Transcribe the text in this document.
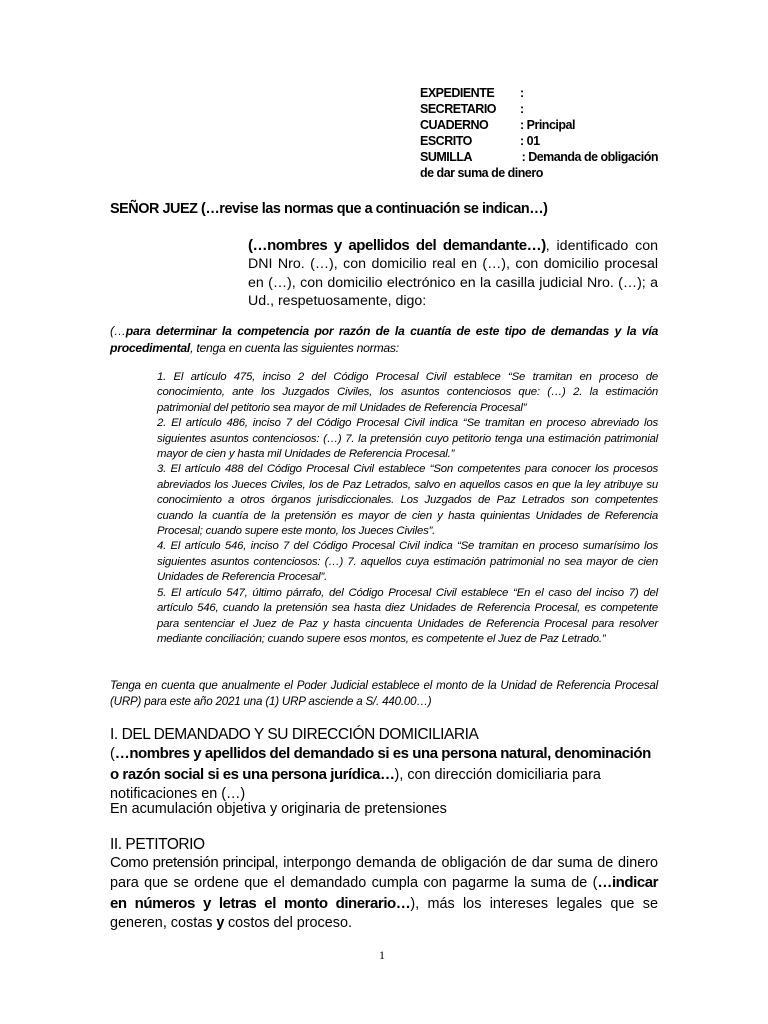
EXPEDIENTE :
SECRETARIO :
CUADERNO	: Principal
ESCRITO	: 01
SUMILLA	: Demanda de obligación
de dar suma de dinero
SEÑOR JUEZ (…revise las normas que a continuación se indican…)
(…nombres y apellidos del demandante…), identificado con DNI Nro. (…), con domicilio real en (…), con domicilio procesal en (…), con domicilio electrónico en la casilla judicial Nro. (…); a Ud., respetuosamente, digo:
(…para determinar la competencia por razón de la cuantía de este tipo de demandas y la vía procedimental, tenga en cuenta las siguientes normas:

1. El artículo 475, inciso 2 del Código Procesal Civil establece “Se tramitan en proceso de conocimiento, ante los Juzgados Civiles, los asuntos contenciosos que: (…) 2. la estimación patrimonial del petitorio sea mayor de mil Unidades de Referencia Procesal”

2. El artículo 486, inciso 7 del Código Procesal Civil indica “Se tramitan en proceso abreviado los siguientes asuntos contenciosos: (…) 7. la pretensión cuyo petitorio tenga una estimación patrimonial mayor de cien y hasta mil Unidades de Referencia Procesal.”

3. El artículo 488 del Código Procesal Civil establece “Son competentes para conocer los procesos abreviados los Jueces Civiles, los de Paz Letrados, salvo en aquellos casos en que la ley atribuye su conocimiento a otros órganos jurisdiccionales. Los Juzgados de Paz Letrados son competentes cuando la cuantía de la pretensión es mayor de cien y hasta quinientas Unidades de Referencia Procesal; cuando supere este monto, los Jueces Civiles”.

4. El artículo 546, inciso 7 del Código Procesal Civil indica “Se tramitan en proceso sumarísimo los siguientes asuntos contenciosos: (…) 7. aquellos cuya estimación patrimonial no sea mayor de cien Unidades de Referencia Procesal”.

5. El artículo 547, último párrafo, del Código Procesal Civil establece “En el caso del inciso 7) del artículo 546, cuando la pretensión sea hasta diez Unidades de Referencia Procesal, es competente para sentenciar el Juez de Paz y hasta cincuenta Unidades de Referencia Procesal para resolver mediante conciliación; cuando supere esos montos, es competente el Juez de Paz Letrado.”

Tenga en cuenta que anualmente el Poder Judicial establece el monto de la Unidad de Referencia Procesal (URP) para este año 2021 una (1) URP asciende a S/. 440.00…)
I. DEL DEMANDADO Y SU DIRECCIÓN DOMICILIARIA
(…nombres y apellidos del demandado si es una persona natural, denominación o razón social si es una persona jurídica…), con dirección domiciliaria para notificaciones en (…)
En acumulación objetiva y originaria de pretensiones
II. PETITORIO
Como pretensión principal, interpongo demanda de obligación de dar suma de dinero para que se ordene que el demandado cumpla con pagarme la suma de (…indicar en números y letras el monto dinerario…), más los intereses legales que se generen, costas y costos del proceso.
1
